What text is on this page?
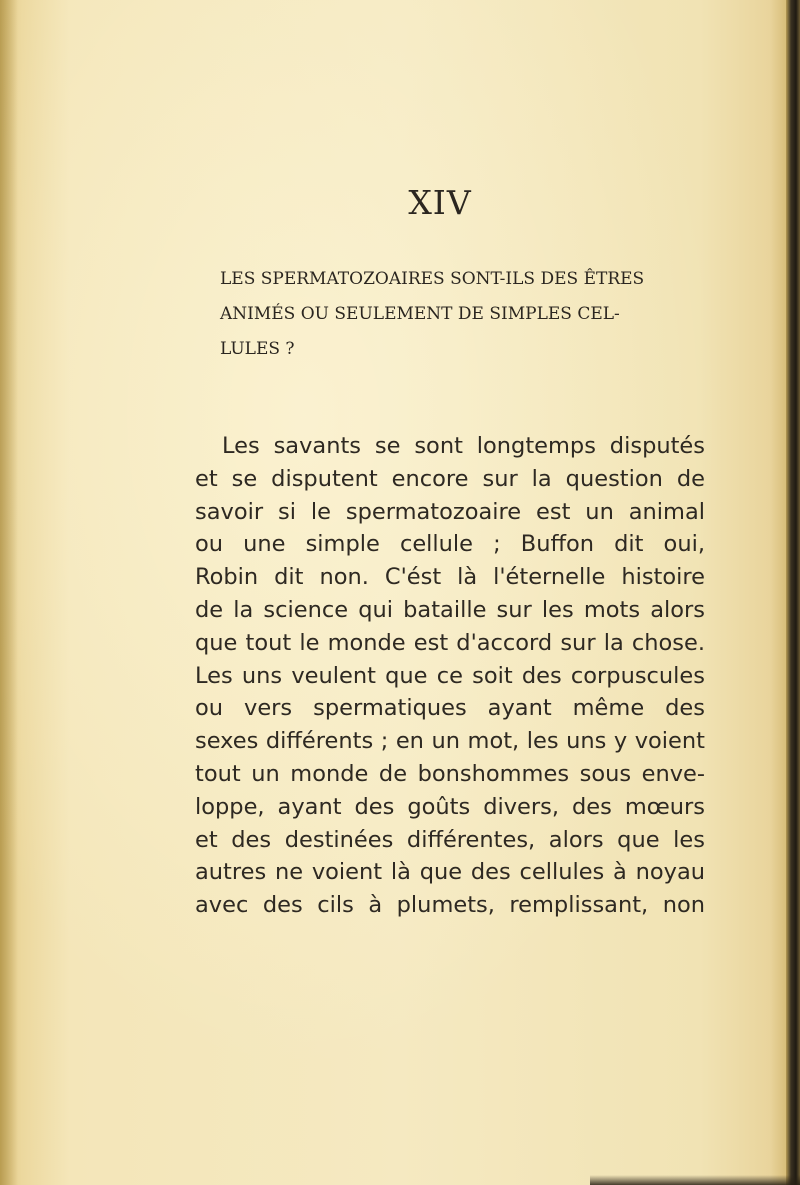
XIV
LES SPERMATOZOAIRES SONT-ILS DES ÊTRES
ANIMÉS OU SEULEMENT DE SIMPLES CEL-
LULES ?

Les savants se sont longtemps disputés
et se disputent encore sur la question de
savoir si le spermatozoaire est un animal
ou une simple cellule ; Buffon dit oui,
Robin dit non. C'ést là l'éternelle histoire
de la science qui bataille sur les mots alors
que tout le monde est d'accord sur la chose.
Les uns veulent que ce soit des corpuscules
ou vers spermatiques ayant même des
sexes différents ; en un mot, les uns y voient
tout un monde de bonshommes sous enve-
loppe, ayant des goûts divers, des mœurs
et des destinées différentes, alors que les
autres ne voient là que des cellules à noyau
avec des cils à plumets, remplissant, non
